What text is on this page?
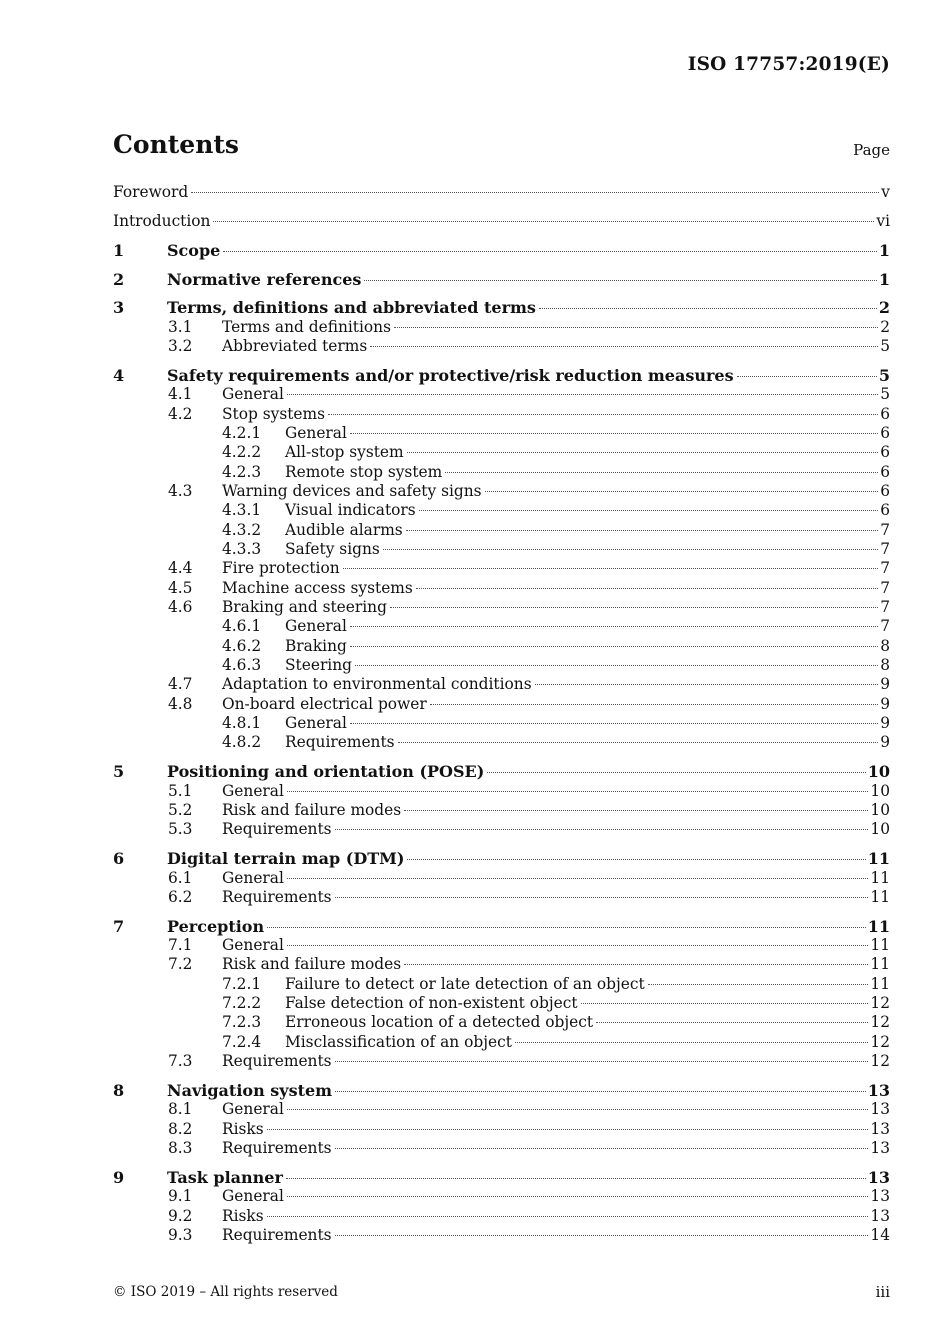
ISO 17757:2019(E)
Contents	Page
Foreword	v
Introduction	vi
1	Scope	1
2	Normative references	1
3	Terms, definitions and abbreviated terms	2
3.1 Terms and definitions	2
3.2 Abbreviated terms	5
4	Safety requirements and/or protective/risk reduction measures	5
4.1 General	5
4.2 Stop systems	6
4.2.1 General	6
4.2.2 All-stop system	6
4.2.3 Remote stop system	6
4.3 Warning devices and safety signs	6
4.3.1 Visual indicators	6
4.3.2 Audible alarms	7
4.3.3 Safety signs	7
4.4 Fire protection	7
4.5 Machine access systems	7
4.6 Braking and steering	7
4.6.1 General	7
4.6.2 Braking	8
4.6.3 Steering	8
4.7 Adaptation to environmental conditions	9
4.8 On-board electrical power	9
4.8.1 General	9
4.8.2 Requirements	9
5	Positioning and orientation (POSE)	10
5.1 General	10
5.2 Risk and failure modes	10
5.3 Requirements	10
6	Digital terrain map (DTM)	11
6.1 General	11
6.2 Requirements	11
7	Perception	11
7.1 General	11
7.2 Risk and failure modes	11
7.2.1 Failure to detect or late detection of an object	11
7.2.2 False detection of non-existent object	12
7.2.3 Erroneous location of a detected object	12
7.2.4 Misclassification of an object	12
7.3 Requirements	12
8	Navigation system	13
8.1 General	13
8.2 Risks	13
8.3 Requirements	13
9	Task planner	13
9.1 General	13
9.2 Risks	13
9.3 Requirements	14
© ISO 2019 – All rights reserved	iii
